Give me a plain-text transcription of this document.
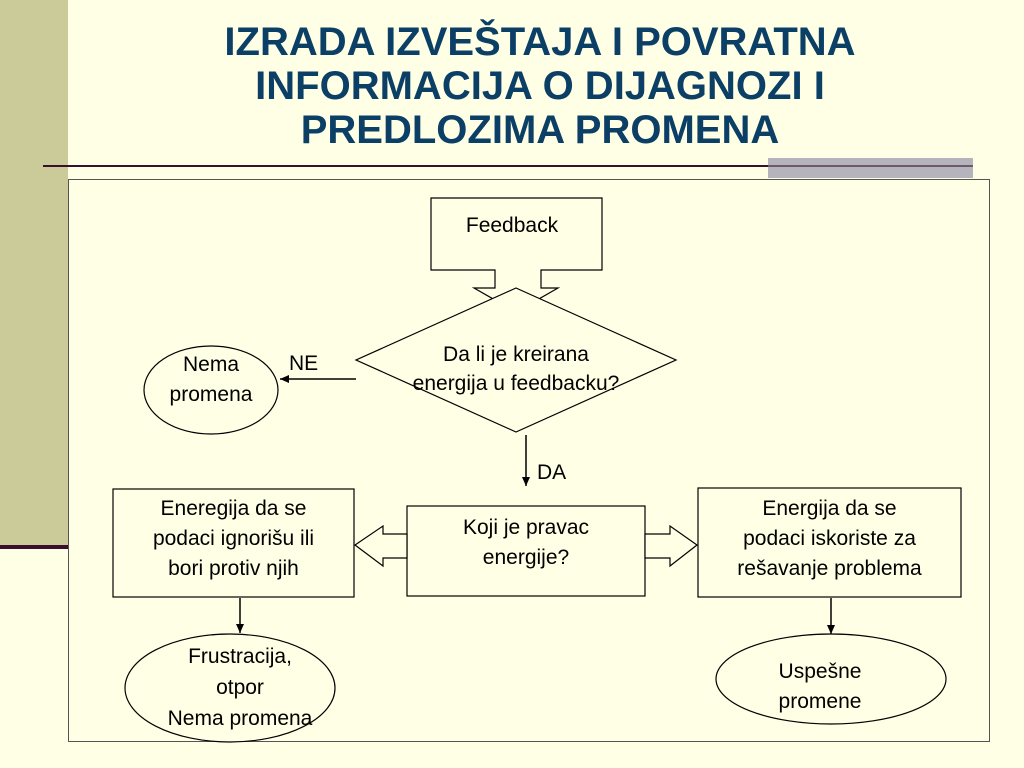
IZRADA IZVEŠTAJA I POVRATNA
INFORMACIJA O DIJAGNOZI I
PREDLOZIMA PROMENA
Feedback
Da li je kreirana
energija u feedbacku?
Nema
promena
NE
DA
Koji je pravac
energije?
Eneregija da se
podaci ignorišu ili
bori protiv njih
Energija da se
podaci iskoriste za
rešavanje problema
Frustracija,
otpor
Nema promena
Uspešne
promene
